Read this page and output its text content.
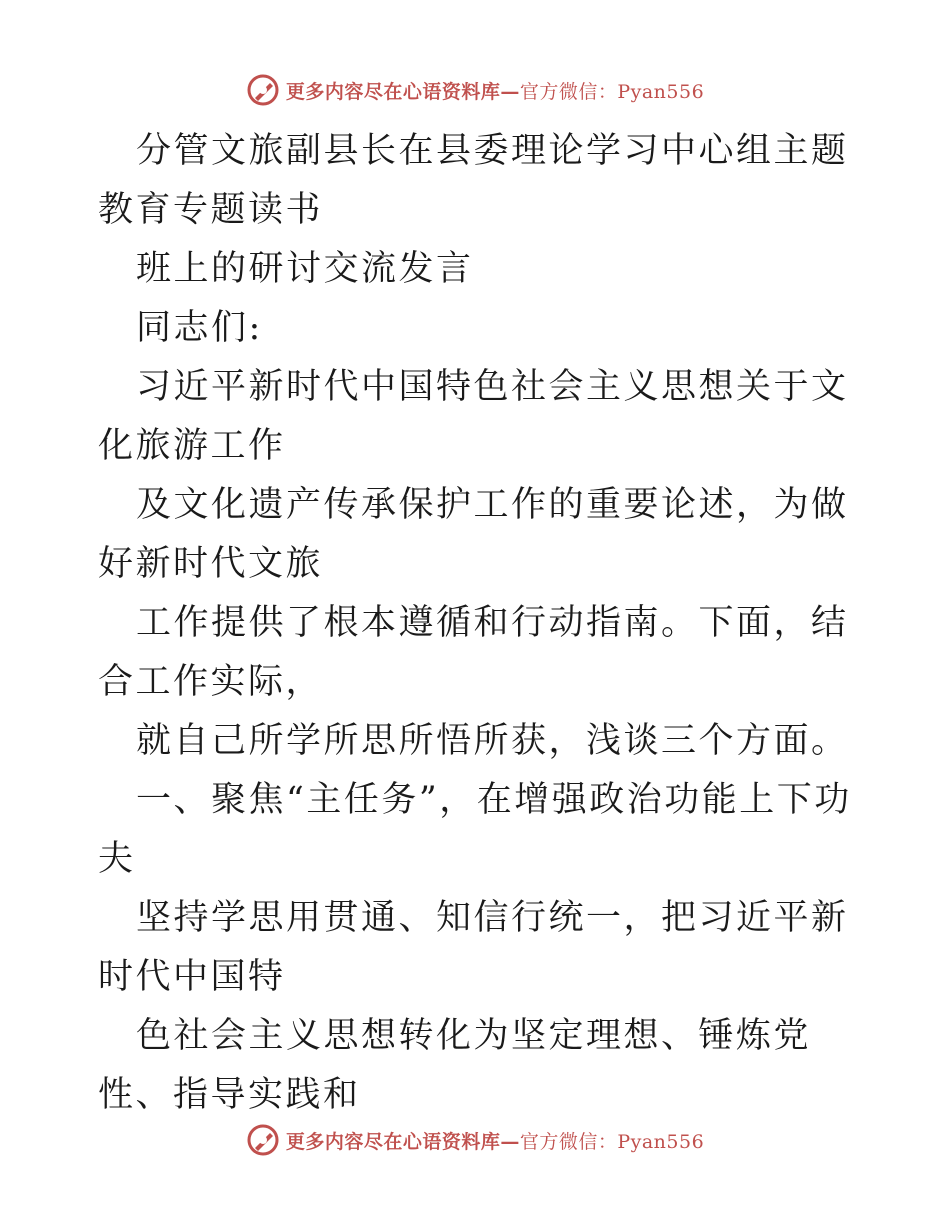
更多内容尽在心语资料库—官方微信：Pyan556

分管文旅副县长在县委理论学习中心组主题教育专题读书

班上的研讨交流发言

同志们:

习近平新时代中国特色社会主义思想关于文化旅游工作

及文化遗产传承保护工作的重要论述，为做好新时代文旅

工作提供了根本遵循和行动指南。下面，结合工作实际，

就自己所学所思所悟所获，浅谈三个方面。

一、聚焦“主任务”，在增强政治功能上下功夫

坚持学思用贯通、知信行统一，把习近平新时代中国特

色社会主义思想转化为坚定理想、锤炼党性、指导实践和

更多内容尽在心语资料库—官方微信：Pyan556
